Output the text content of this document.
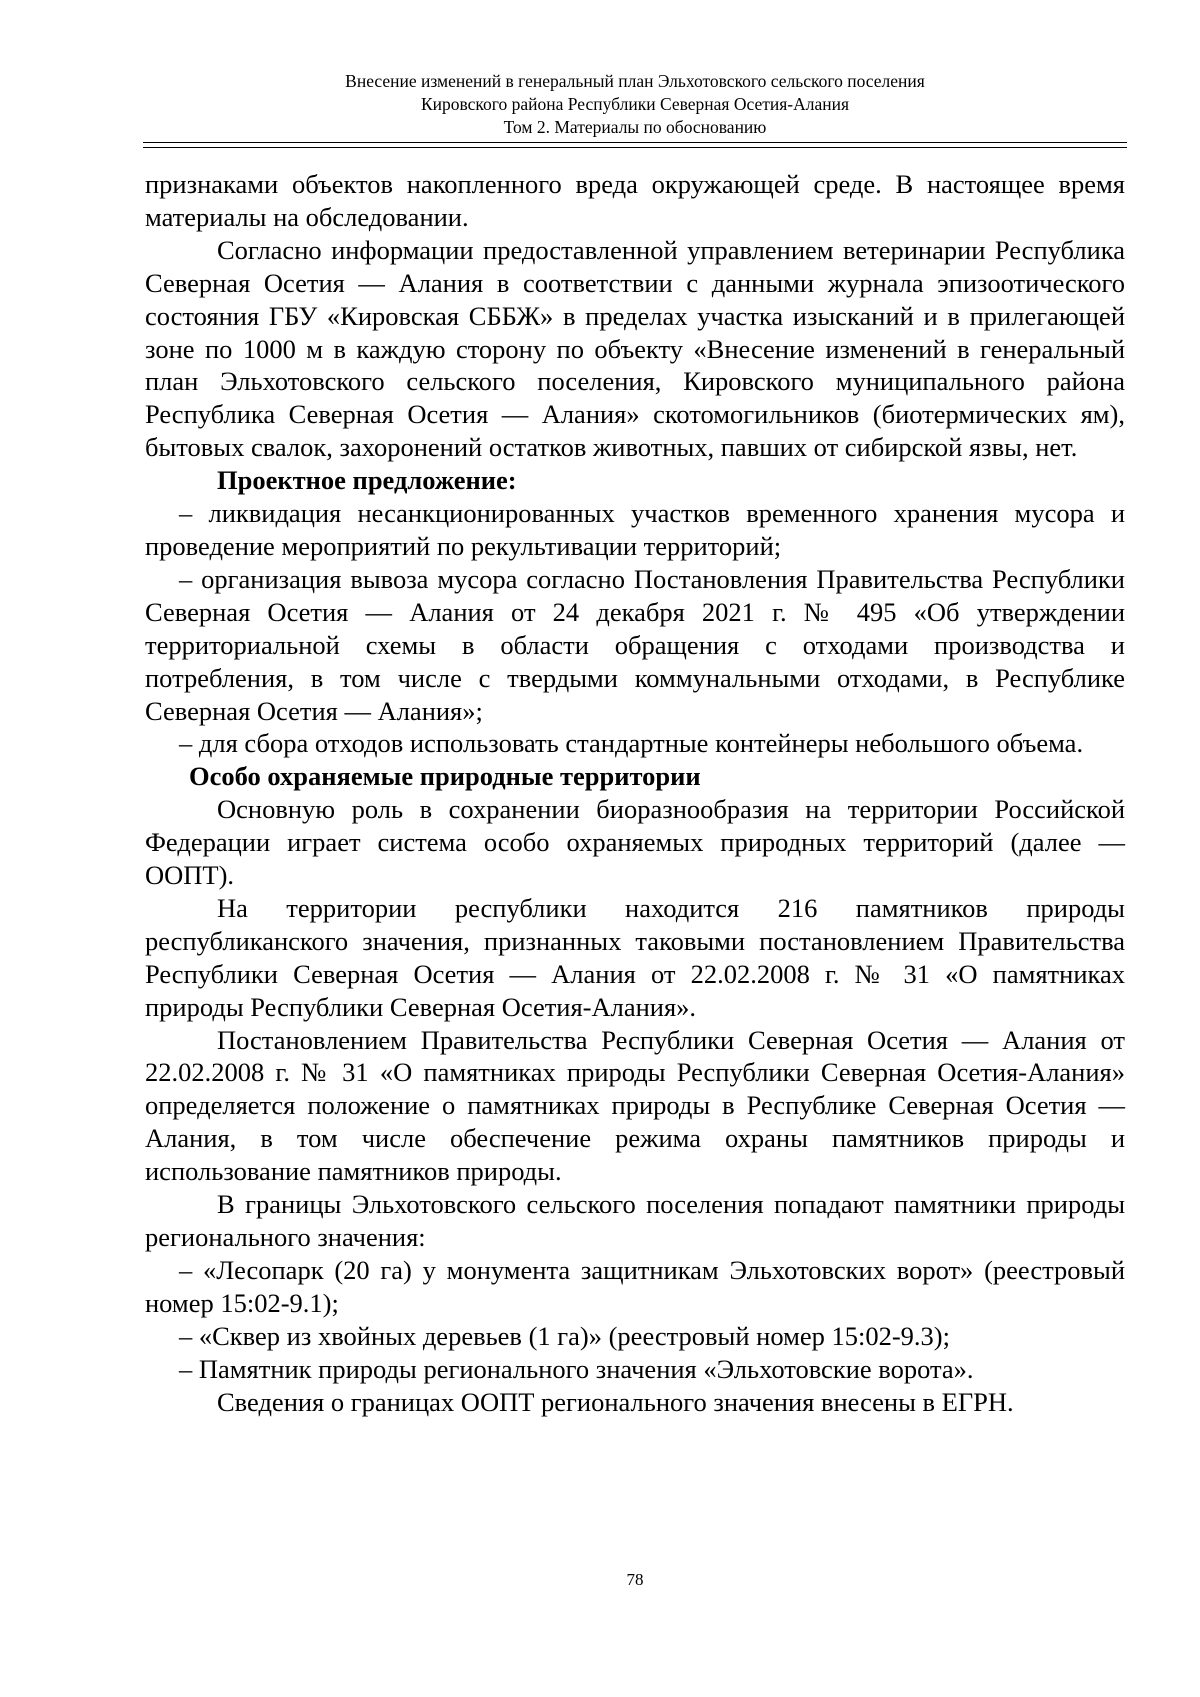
Внесение изменений в генеральный план Эльхотовского сельского поселения
Кировского района Республики Северная Осетия-Алания
Том 2. Материалы по обоснованию

признаками объектов накопленного вреда окружающей среде. В настоящее время материалы на обследовании.

Согласно информации предоставленной управлением ветеринарии Республика Северная Осетия — Алания в соответствии с данными журнала эпизоотического состояния ГБУ «Кировская СББЖ» в пределах участка изысканий и в прилегающей зоне по 1000 м в каждую сторону по объекту «Внесение изменений в генеральный план Эльхотовского сельского поселения, Кировского муниципального района Республика Северная Осетия — Алания» скотомогильников (биотермических ям), бытовых свалок, захоронений остатков животных, павших от сибирской язвы, нет.

Проектное предложение:

– ликвидация несанкционированных участков временного хранения мусора и проведение мероприятий по рекультивации территорий;

– организация вывоза мусора согласно Постановления Правительства Республики Северная Осетия — Алания от 24 декабря 2021 г. № 495 «Об утверждении территориальной схемы в области обращения с отходами производства и потребления, в том числе с твердыми коммунальными отходами, в Республике Северная Осетия — Алания»;

– для сбора отходов использовать стандартные контейнеры небольшого объема.

Особо охраняемые природные территории

Основную роль в сохранении биоразнообразия на территории Российской Федерации играет система особо охраняемых природных территорий (далее — ООПТ).

На территории республики находится 216 памятников природы республиканского значения, признанных таковыми постановлением Правительства Республики Северная Осетия — Алания от 22.02.2008 г. № 31 «О памятниках природы Республики Северная Осетия-Алания».

Постановлением Правительства Республики Северная Осетия — Алания от 22.02.2008 г. № 31 «О памятниках природы Республики Северная Осетия-Алания» определяется положение о памятниках природы в Республике Северная Осетия — Алания, в том числе обеспечение режима охраны памятников природы и использование памятников природы.

В границы Эльхотовского сельского поселения попадают памятники природы регионального значения:

– «Лесопарк (20 га) у монумента защитникам Эльхотовских ворот» (реестровый номер 15:02-9.1);

– «Сквер из хвойных деревьев (1 га)» (реестровый номер 15:02-9.3);

– Памятник природы регионального значения «Эльхотовские ворота».

Сведения о границах ООПТ регионального значения внесены в ЕГРН.

78
